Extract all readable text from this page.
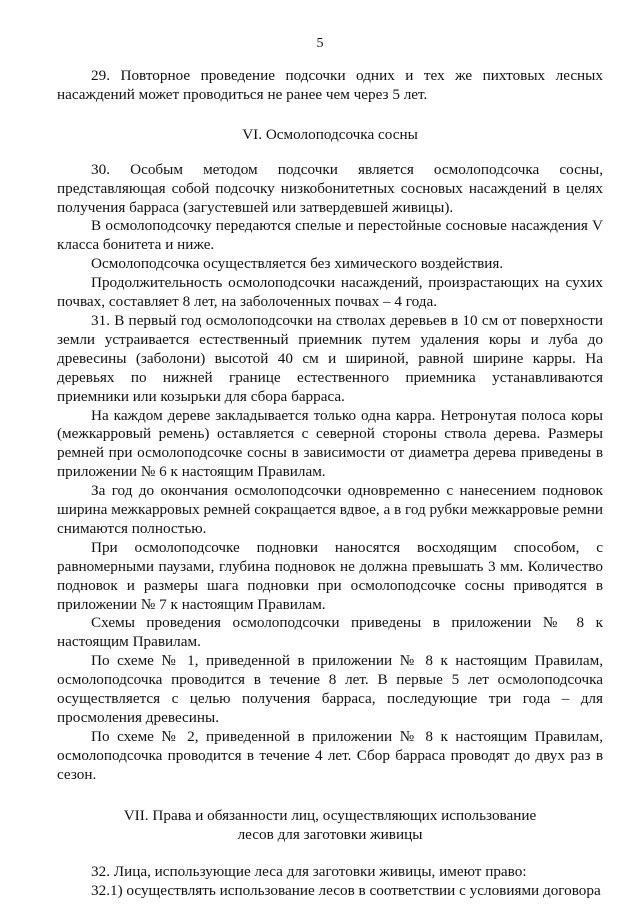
5

29. Повторное проведение подсочки одних и тех же пихтовых лесных насаждений может проводиться не ранее чем через 5 лет.

VI. Осмолоподсочка сосны

30. Особым методом подсочки является осмолоподсочка сосны, представляющая собой подсочку низкобонитетных сосновых насаждений в целях получения барраса (загустевшей или затвердевшей живицы).

В осмолоподсочку передаются спелые и перестойные сосновые насаждения V класса бонитета и ниже.

Осмолоподсочка осуществляется без химического воздействия.

Продолжительность осмолоподсочки насаждений, произрастающих на сухих почвах, составляет 8 лет, на заболоченных почвах – 4 года.

31. В первый год осмолоподсочки на стволах деревьев в 10 см от поверхности земли устраивается естественный приемник путем удаления коры и луба до древесины (заболони) высотой 40 см и шириной, равной ширине карры. На деревьях по нижней границе естественного приемника устанавливаются приемники или козырьки для сбора барраса.

На каждом дереве закладывается только одна карра. Нетронутая полоса коры (межкарровый ремень) оставляется с северной стороны ствола дерева. Размеры ремней при осмолоподсочке сосны в зависимости от диаметра дерева приведены в приложении № 6 к настоящим Правилам.

За год до окончания осмолоподсочки одновременно с нанесением подновок ширина межкарровых ремней сокращается вдвое, а в год рубки межкарровые ремни снимаются полностью.

При осмолоподсочке подновки наносятся восходящим способом, с равномерными паузами, глубина подновок не должна превышать 3 мм. Количество подновок и размеры шага подновки при осмолоподсочке сосны приводятся в приложении № 7 к настоящим Правилам.

Схемы проведения осмолоподсочки приведены в приложении № 8 к настоящим Правилам.

По схеме № 1, приведенной в приложении № 8 к настоящим Правилам, осмолоподсочка проводится в течение 8 лет. В первые 5 лет осмолоподсочка осуществляется с целью получения барраса, последующие три года – для просмоления древесины.

По схеме № 2, приведенной в приложении № 8 к настоящим Правилам, осмолоподсочка проводится в течение 4 лет. Сбор барраса проводят до двух раз в сезон.

VII. Права и обязанности лиц, осуществляющих использование
лесов для заготовки живицы

32. Лица, использующие леса для заготовки живицы, имеют право:

32.1) осуществлять использование лесов в соответствии с условиями договора
